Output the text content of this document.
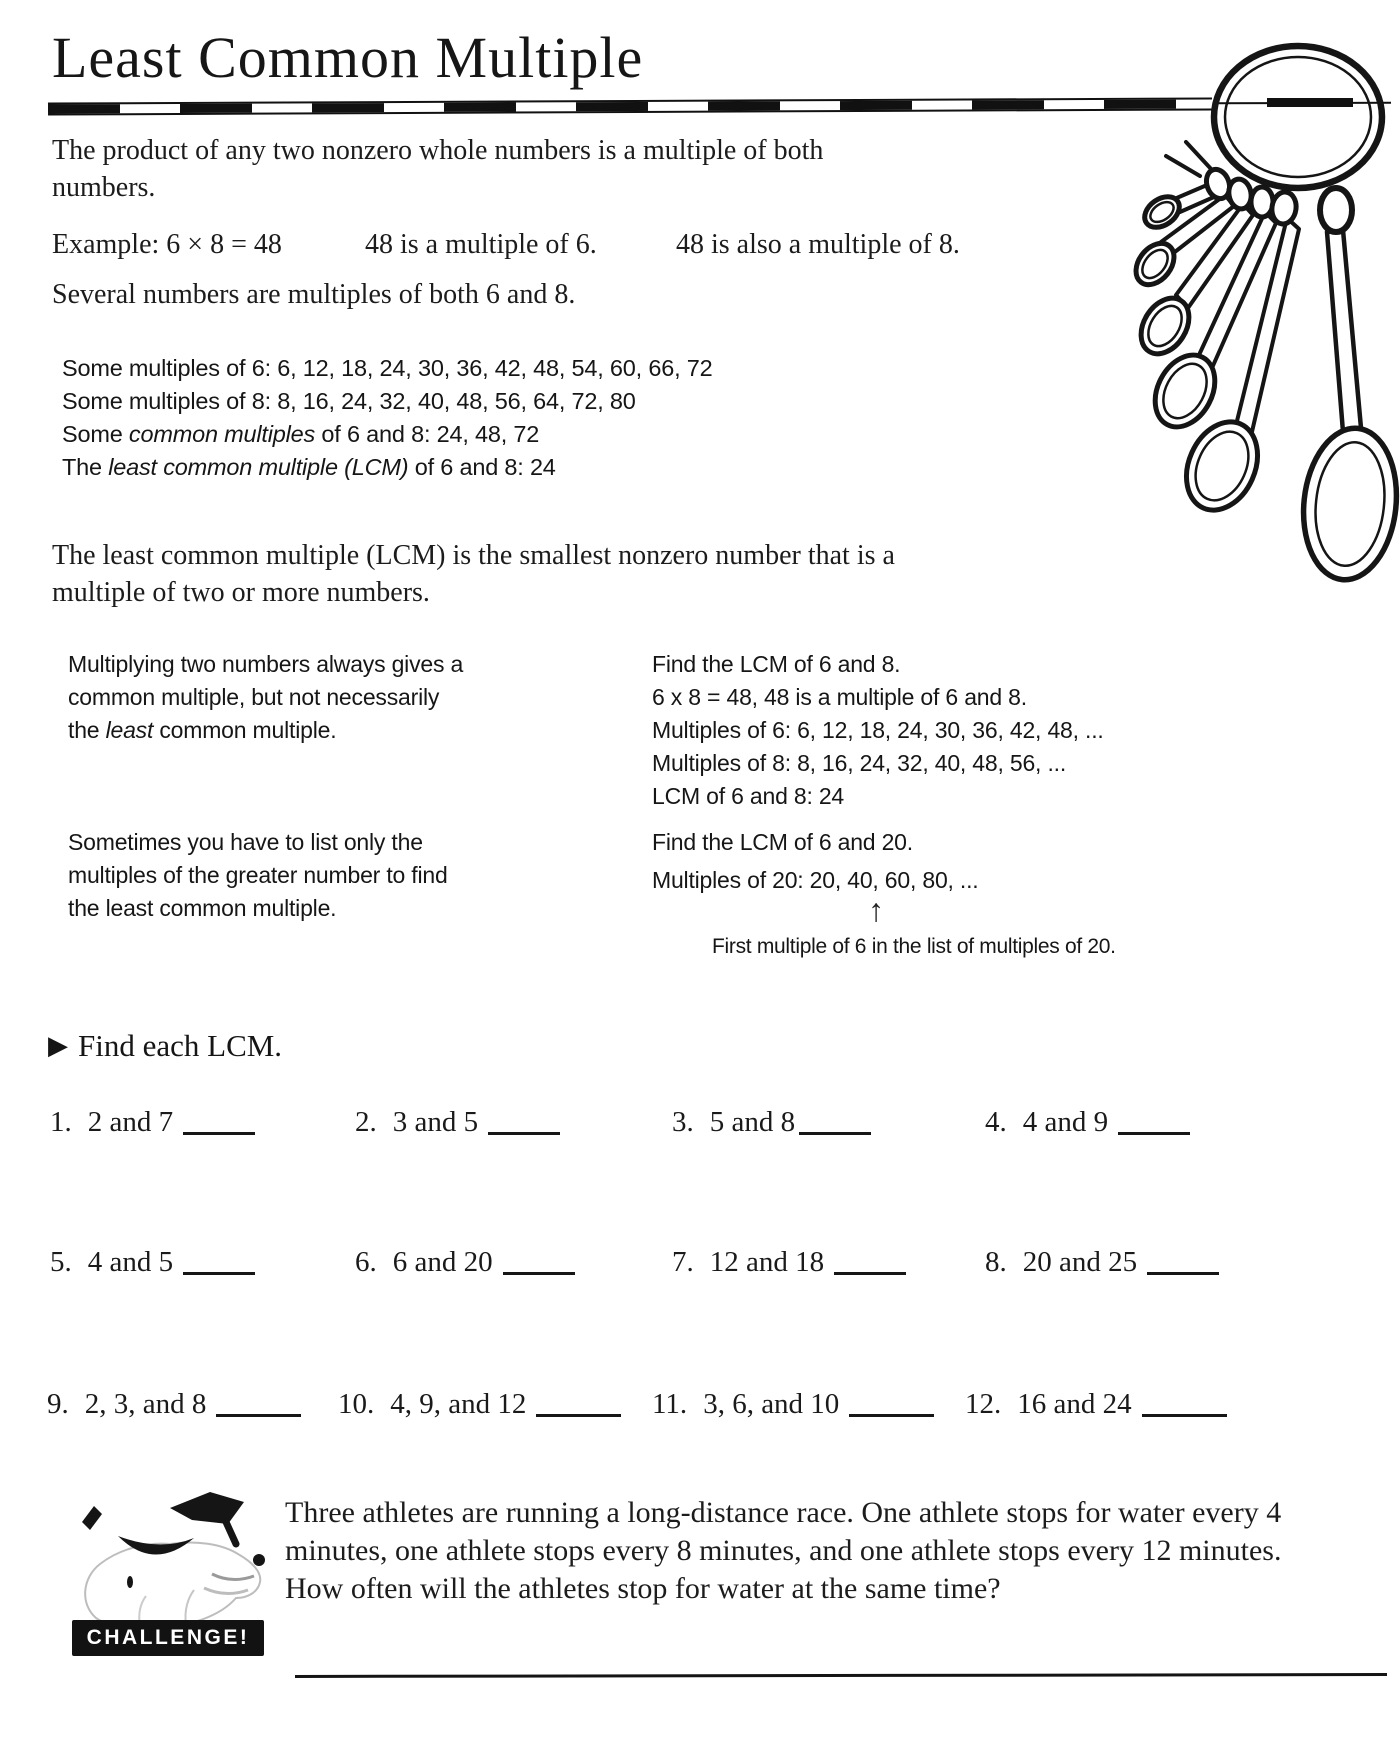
Least Common Multiple

The product of any two nonzero whole numbers is a multiple of both numbers.

Example: 6 × 8 = 48	48 is a multiple of 6.	48 is also a multiple of 8.
Several numbers are multiples of both 6 and 8.
Some multiples of 6: 6, 12, 18, 24, 30, 36, 42, 48, 54, 60, 66, 72
Some multiples of 8: 8, 16, 24, 32, 40, 48, 56, 64, 72, 80
Some common multiples of 6 and 8: 24, 48, 72
The least common multiple (LCM) of 6 and 8: 24

The least common multiple (LCM) is the smallest nonzero number that is a multiple of two or more numbers.

Multiplying two numbers always gives a common multiple, but not necessarily the least common multiple.

Find the LCM of 6 and 8.
6 x 8 = 48, 48 is a multiple of 6 and 8.
Multiples of 6: 6, 12, 18, 24, 30, 36, 42, 48, ...
Multiples of 8: 8, 16, 24, 32, 40, 48, 56, ...
LCM of 6 and 8: 24

Sometimes you have to list only the multiples of the greater number to find the least common multiple.

Find the LCM of 6 and 20.
Multiples of 20: 20, 40, 60, 80, ...
↑
First multiple of 6 in the list of multiples of 20.
▶ Find each LCM.
1. 2 and 7	2. 3 and 5	3. 5 and 8	4. 4 and 9
5. 4 and 5	6. 6 and 20	7. 12 and 18	8. 20 and 25
9. 2, 3, and 8	10. 4, 9, and 12	11. 3, 6, and 10	12. 16 and 24
CHALLENGE!

Three athletes are running a long-distance race. One athlete stops for water every 4 minutes, one athlete stops every 8 minutes, and one athlete stops every 12 minutes. How often will the athletes stop for water at the same time?
